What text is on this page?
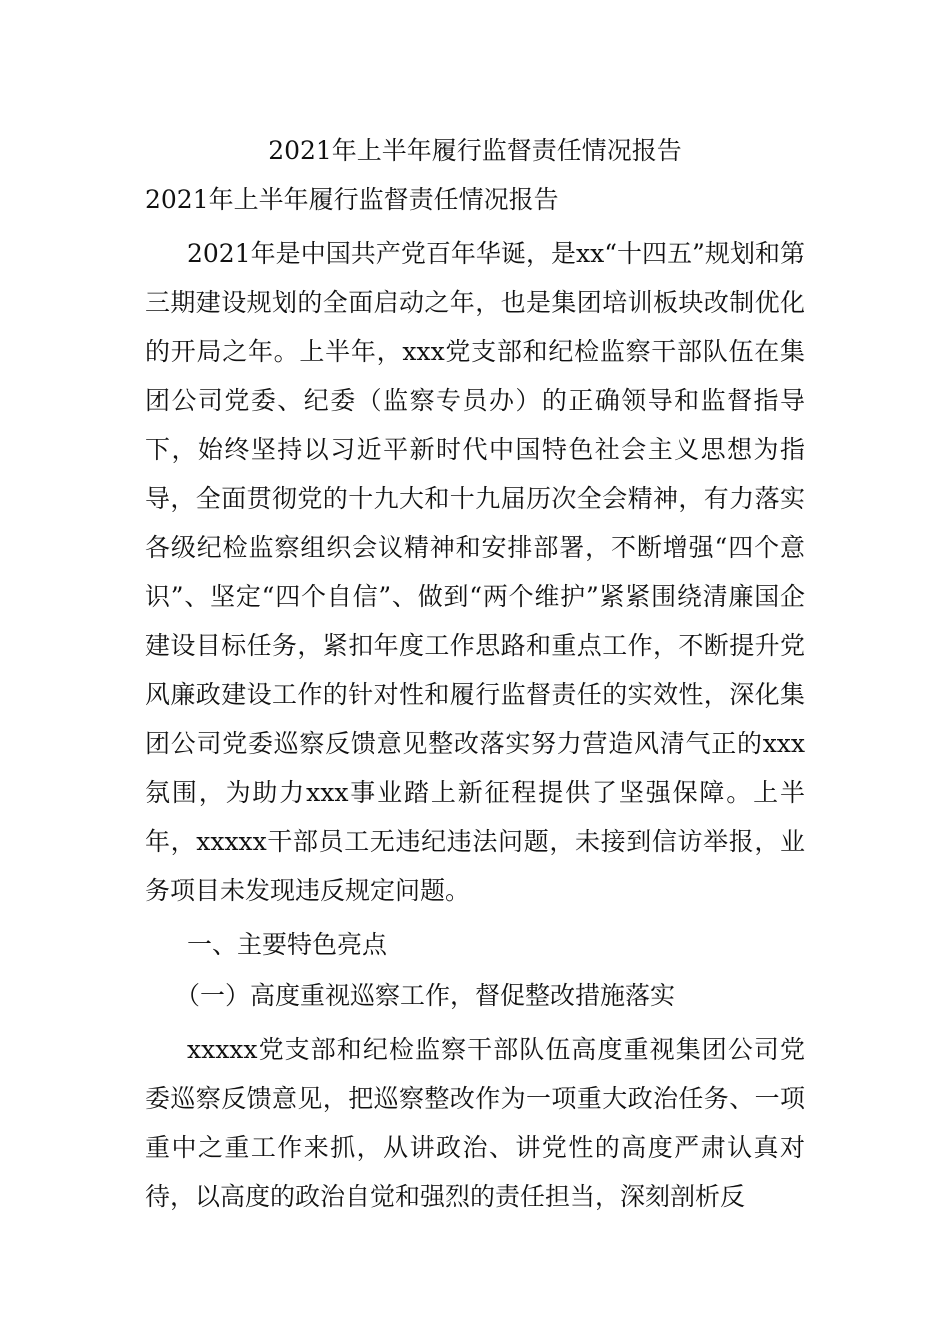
2021年上半年履行监督责任情况报告
2021年上半年履行监督责任情况报告

2021年是中国共产党百年华诞，是xx“十四五”规划和第三期建设规划的全面启动之年，也是集团培训板块改制优化的开局之年。上半年，xxx党支部和纪检监察干部队伍在集团公司党委、纪委（监察专员办）的正确领导和监督指导下，始终坚持以习近平新时代中国特色社会主义思想为指导，全面贯彻党的十九大和十九届历次全会精神，有力落实各级纪检监察组织会议精神和安排部署，不断增强“四个意识”、坚定“四个自信”、做到“两个维护”紧紧围绕清廉国企建设目标任务，紧扣年度工作思路和重点工作，不断提升党风廉政建设工作的针对性和履行监督责任的实效性，深化集团公司党委巡察反馈意见整改落实努力营造风清气正的xxx氛围，为助力xxx事业踏上新征程提供了坚强保障。上半年，xxxxx干部员工无违纪违法问题，未接到信访举报，业务项目未发现违反规定问题。

一、主要特色亮点
（一）高度重视巡察工作，督促整改措施落实

xxxxx党支部和纪检监察干部队伍高度重视集团公司党委巡察反馈意见，把巡察整改作为一项重大政治任务、一项重中之重工作来抓，从讲政治、讲党性的高度严肃认真对待，以高度的政治自觉和强烈的责任担当，深刻剖析反
